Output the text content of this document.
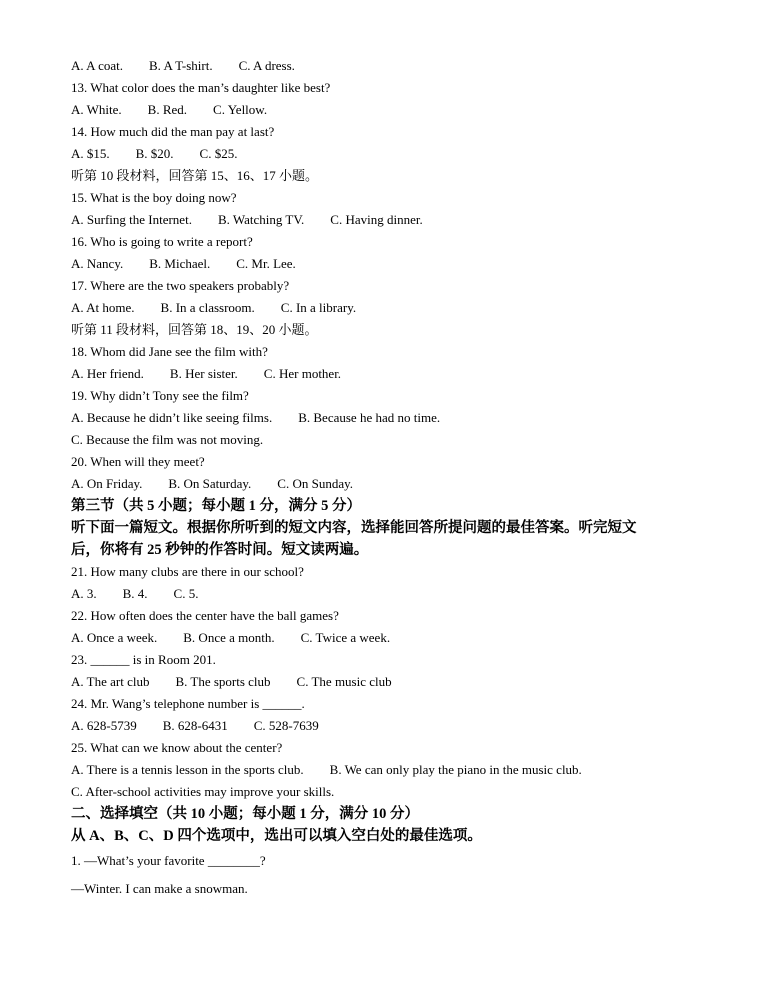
A. A coat.        B. A T-shirt.        C. A dress.
13. What color does the man’s daughter like best?
A. White.        B. Red.        C. Yellow.
14. How much did the man pay at last?
A. $15.        B. $20.        C. $25.
听第 10 段材料，回答第 15、16、17 小题。
15. What is the boy doing now?
A. Surfing the Internet.        B. Watching TV.        C. Having dinner.
16. Who is going to write a report?
A. Nancy.        B. Michael.        C. Mr. Lee.
17. Where are the two speakers probably?
A. At home.        B. In a classroom.        C. In a library.
听第 11 段材料，回答第 18、19、20 小题。
18. Whom did Jane see the film with?
A. Her friend.        B. Her sister.        C. Her mother.
19. Why didn’t Tony see the film?
A. Because he didn’t like seeing films.        B. Because he had no time.
C. Because the film was not moving.
20. When will they meet?
A. On Friday.        B. On Saturday.        C. On Sunday.
第三节（共 5 小题；每小题 1 分，满分 5 分）
听下面一篇短文。根据你所听到的短文内容，选择能回答所提问题的最佳答案。听完短文
后，你将有 25 秒钟的作答时间。短文读两遍。
21. How many clubs are there in our school?
A. 3.        B. 4.        C. 5.
22. How often does the center have the ball games?
A. Once a week.        B. Once a month.        C. Twice a week.
23. ______ is in Room 201.
A. The art club        B. The sports club        C. The music club
24. Mr. Wang’s telephone number is ______.
A. 628-5739        B. 628-6431        C. 528-7639
25. What can we know about the center?
A. There is a tennis lesson in the sports club.        B. We can only play the piano in the music club.
C. After-school activities may improve your skills.
二、选择填空（共 10 小题；每小题 1 分，满分 10 分）
从 A、B、C、D 四个选项中，选出可以填入空白处的最佳选项。
1. —What’s your favorite ________?
—Winter. I can make a snowman.
